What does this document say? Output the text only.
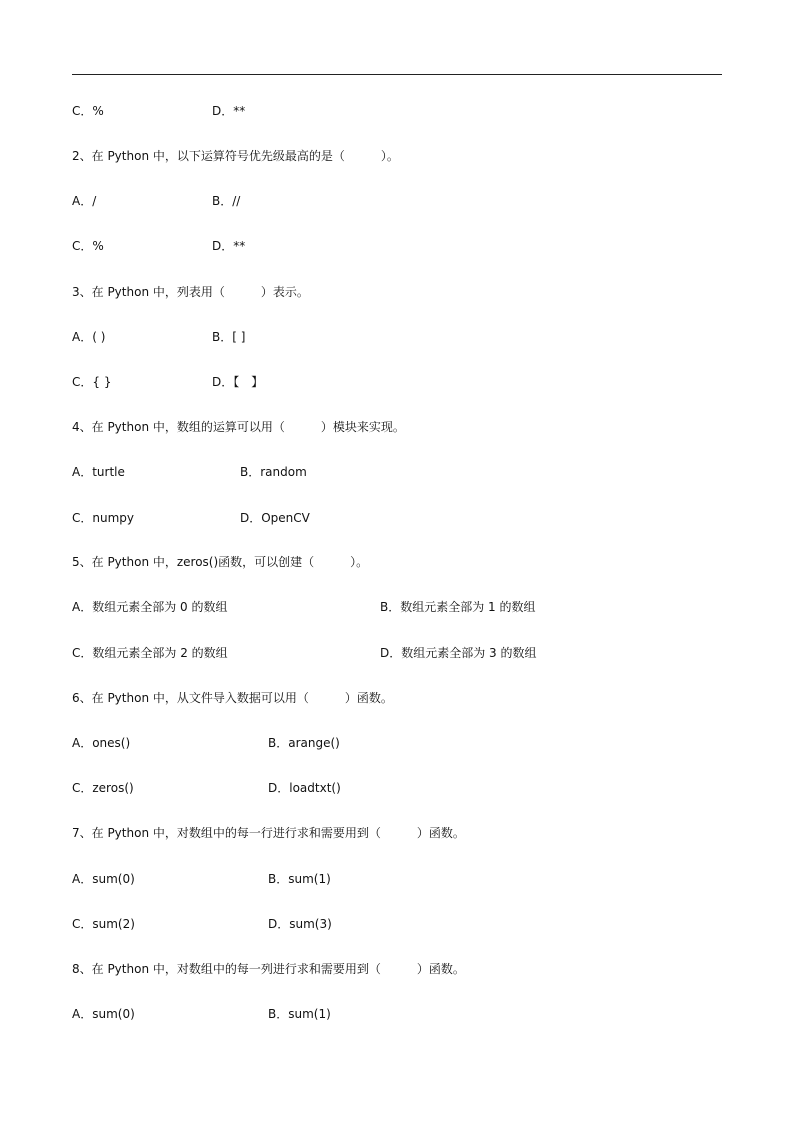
C．%	D．**
2、在 Python 中，以下运算符号优先级最高的是（　　　）。
A．/	B．//
C．%	D．**
3、在 Python 中，列表用（　　　）表示。
A．( )	B．[ ]
C．{ }	D．【　】
4、在 Python 中，数组的运算可以用（　　　）模块来实现。
A．turtle	B．random
C．numpy	D．OpenCV
5、在 Python 中，zeros()函数，可以创建（　　　）。
A．数组元素全部为 0 的数组	B．数组元素全部为 1 的数组
C．数组元素全部为 2 的数组	D．数组元素全部为 3 的数组
6、在 Python 中，从文件导入数据可以用（　　　）函数。
A．ones()	B．arange()
C．zeros()	D．loadtxt()
7、在 Python 中，对数组中的每一行进行求和需要用到（　　　）函数。
A．sum(0)	B．sum(1)
C．sum(2)	D．sum(3)
8、在 Python 中，对数组中的每一列进行求和需要用到（　　　）函数。
A．sum(0)	B．sum(1)
